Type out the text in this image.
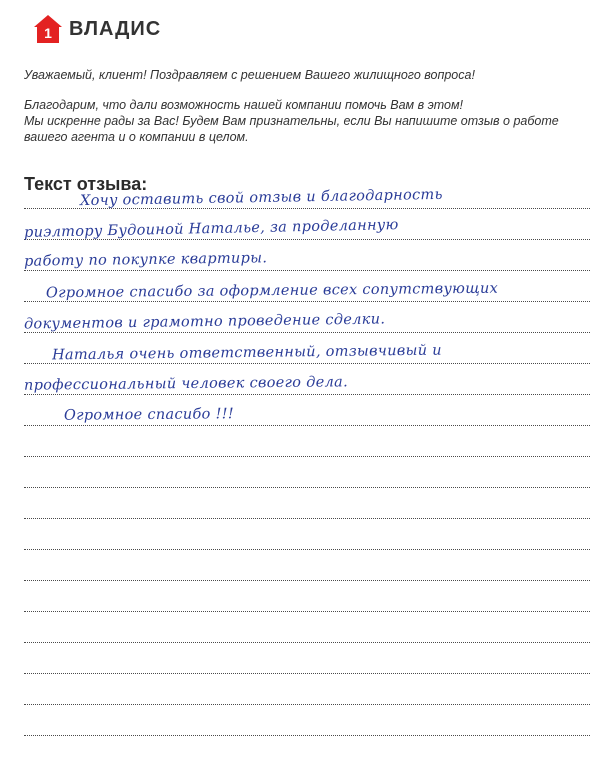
1 ВЛАДИС

Уважаемый, клиент! Поздравляем с решением Вашего жилищного вопроса!

Благодарим, что дали возможность нашей компании помочь Вам в этом!
Мы искренне рады за Вас! Будем Вам признательны, если Вы напишите отзыв о работе
вашего агента и о компании в целом.

Текст отзыва:
Хочу оставить свой отзыв и благодарность
риэлтору Будоиной Наталье, за проделанную
работу по покупке квартиры.
Огромное спасибо за оформление всех сопутствующих
документов и грамотно проведение сделки.
Наталья очень ответственный, отзывчивый и
профессиональный человек своего дела.
Огромное спасибо !!!
